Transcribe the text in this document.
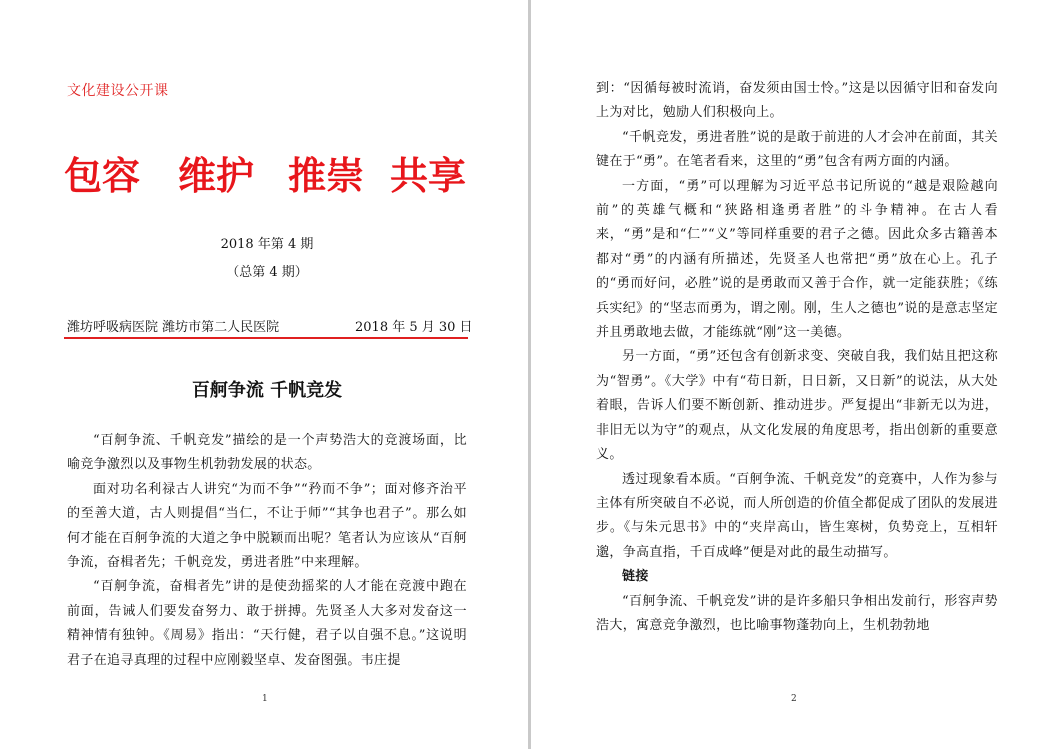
文化建设公开课
包容 维护 推崇 共享
2018 年第 4 期
（总第 4 期）
潍坊呼吸病医院 潍坊市第二人民医院	2018 年 5 月 30 日
百舸争流 千帆竞发

“百舸争流、千帆竞发”描绘的是一个声势浩大的竞渡场面，比喻竞争激烈以及事物生机勃勃发展的状态。

面对功名利禄古人讲究“为而不争”“矜而不争”；面对修齐治平的至善大道，古人则提倡“当仁，不让于师”“其争也君子”。那么如何才能在百舸争流的大道之争中脱颖而出呢？笔者认为应该从“百舸争流，奋楫者先；千帆竞发，勇进者胜”中来理解。

“百舸争流，奋楫者先”讲的是使劲摇桨的人才能在竞渡中跑在前面，告诫人们要发奋努力、敢于拼搏。先贤圣人大多对发奋这一精神情有独钟。《周易》指出：“天行健，君子以自强不息。”这说明君子在追寻真理的过程中应刚毅坚卓、发奋图强。韦庄提

1

到：“因循每被时流诮，奋发须由国士怜。”这是以因循守旧和奋发向上为对比，勉励人们积极向上。

“千帆竞发，勇进者胜”说的是敢于前进的人才会冲在前面，其关键在于“勇”。在笔者看来，这里的“勇”包含有两方面的内涵。

一方面，“勇”可以理解为习近平总书记所说的“越是艰险越向前”的英雄气概和“狭路相逢勇者胜”的斗争精神。在古人看来，“勇”是和“仁”“义”等同样重要的君子之德。因此众多古籍善本都对“勇”的内涵有所描述，先贤圣人也常把“勇”放在心上。孔子的“勇而好问，必胜”说的是勇敢而又善于合作，就一定能获胜；《练兵实纪》的“坚志而勇为，谓之刚。刚，生人之德也”说的是意志坚定并且勇敢地去做，才能练就“刚”这一美德。

另一方面，“勇”还包含有创新求变、突破自我，我们姑且把这称为“智勇”。《大学》中有“苟日新，日日新，又日新”的说法，从大处着眼，告诉人们要不断创新、推动进步。严复提出“非新无以为进，非旧无以为守”的观点，从文化发展的角度思考，指出创新的重要意义。

透过现象看本质。“百舸争流、千帆竞发”的竞赛中，人作为参与主体有所突破自不必说，而人所创造的价值全都促成了团队的发展进步。《与朱元思书》中的“夹岸高山，皆生寒树，负势竞上，互相轩邈，争高直指，千百成峰”便是对此的最生动描写。

链接

“百舸争流、千帆竞发”讲的是许多船只争相出发前行，形容声势浩大，寓意竞争激烈，也比喻事物蓬勃向上，生机勃勃地

2
